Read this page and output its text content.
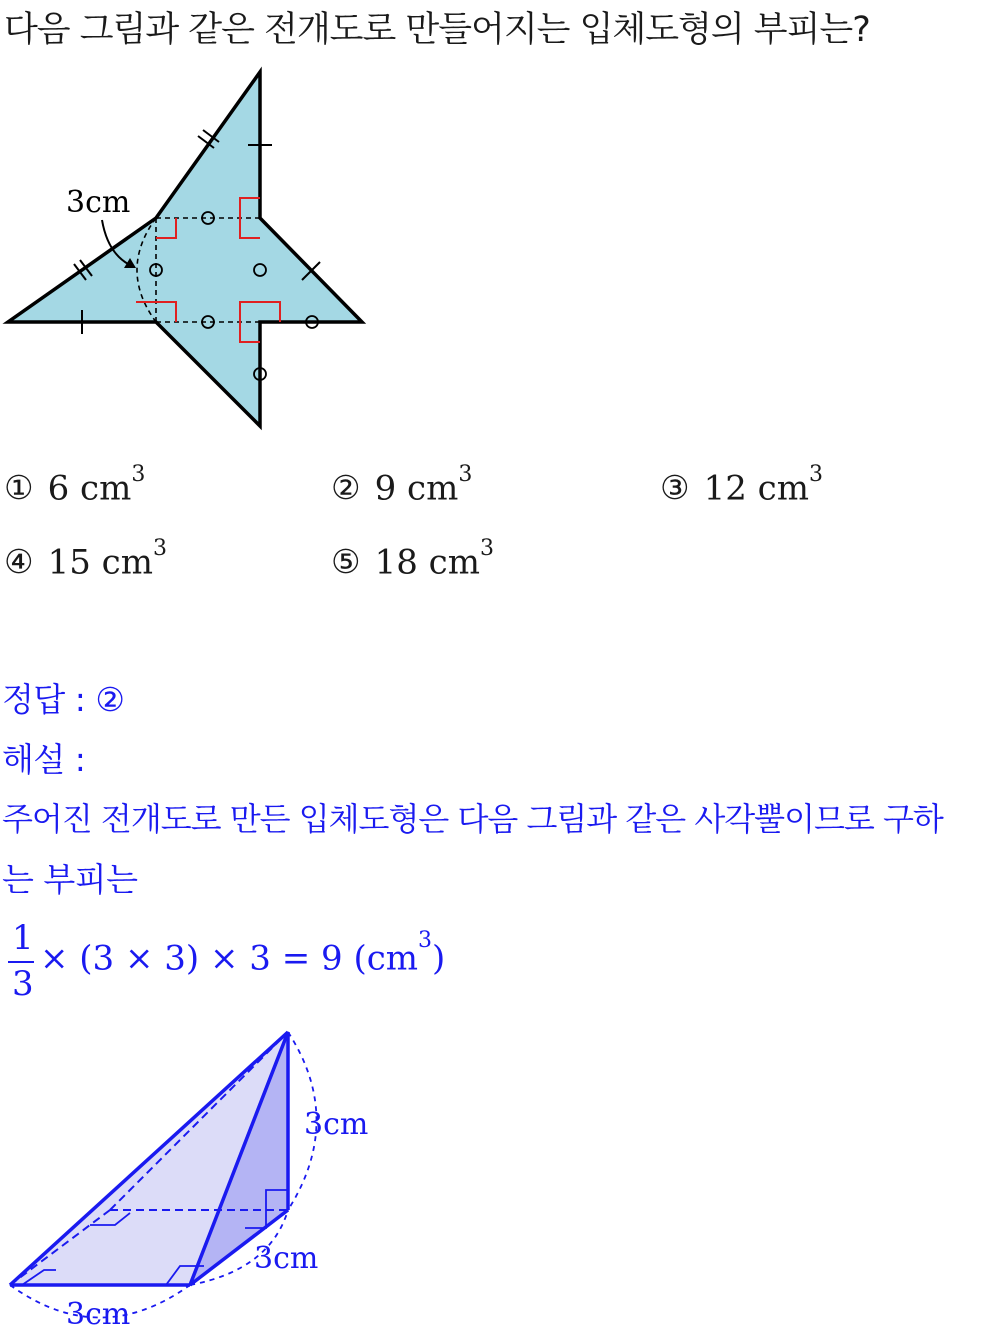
다음 그림과 같은 전개도로 만들어지는 입체도형의 부피는?
3cm
① 6 $cm^3$	② 9 $cm^3$	③ 12 $cm^3$
④ 15 $cm^3$	⑤ 18 $cm^3$
정답 : ②
해설 :
주어진 전개도로 만든 입체도형은 다음 그림과 같은 사각뿔이므로 구하
는 부피는
1
3
× (3 × 3) × 3 = 9 $(cm^3)$
3cm
3cm
3cm
